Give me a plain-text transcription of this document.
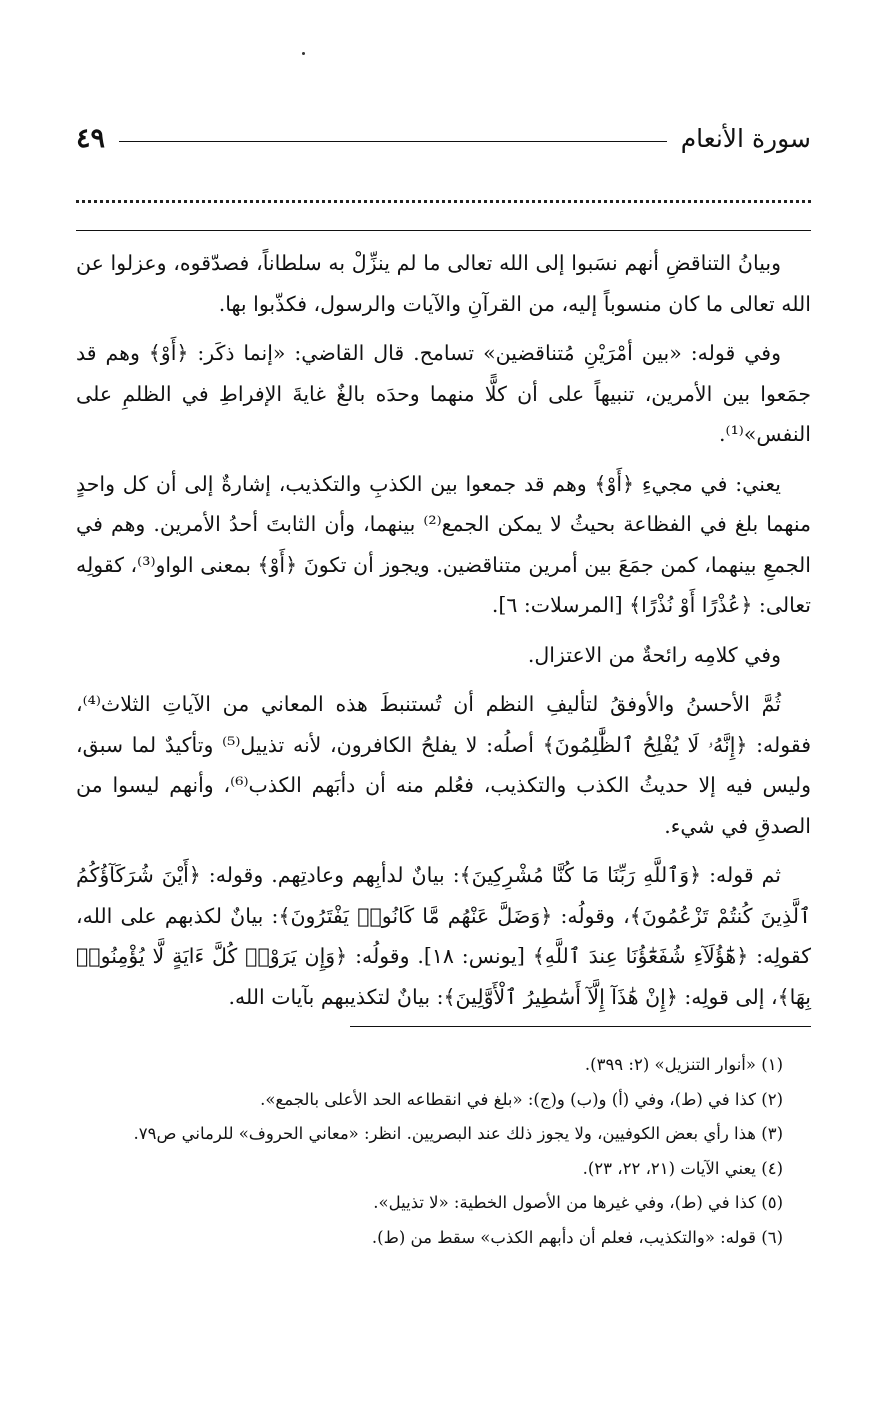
سورة الأنعام
٤٩

وبيانُ التناقضِ أنهم نسَبوا إلى الله تعالى ما لم ينزِّلْ به سلطاناً، فصدّقوه، وعزلوا عن الله تعالى ما كان منسوباً إليه، من القرآنِ والآيات والرسول، فكذّبوا بها.

وفي قوله: «بين أمْرَيْنِ مُتناقضين» تسامح. قال القاضي: «إنما ذكَر: ﴿أَوْ﴾ وهم قد جمَعوا بين الأمرين، تنبيهاً على أن كلًّا منهما وحدَه بالغٌ غايةَ الإفراطِ في الظلمِ على النفس»⁽¹⁾.

يعني: في مجيءِ ﴿أَوْ﴾ وهم قد جمعوا بين الكذبِ والتكذيب، إشارةٌ إلى أن كل واحدٍ منهما بلغ في الفظاعة بحيثُ لا يمكن الجمع⁽²⁾ بينهما، وأن الثابتَ أحدُ الأمرين. وهم في الجمعِ بينهما، كمن جمَعَ بين أمرين متناقضين. ويجوز أن تكونَ ﴿أَوْ﴾ بمعنى الواو⁽³⁾، كقولِه تعالى: ﴿عُذْرًا أَوْ نُذْرًا﴾ [المرسلات: ٦].

وفي كلامِه رائحةٌ من الاعتزال.

ثُمَّ الأحسنُ والأوفقُ لتأليفِ النظم أن تُستنبطَ هذه المعاني من الآياتِ الثلاث⁽⁴⁾، فقوله: ﴿إِنَّهُۥ لَا يُفْلِحُ ٱلظَّٰلِمُونَ﴾ أصلُه: لا يفلحُ الكافرون، لأنه تذييل⁽⁵⁾ وتأكيدٌ لما سبق، وليس فيه إلا حديثُ الكذب والتكذيب، فعُلم منه أن دأبَهم الكذب⁽⁶⁾، وأنهم ليسوا من الصدقِ في شيء.

ثم قوله: ﴿وَٱللَّهِ رَبِّنَا مَا كُنَّا مُشْرِكِينَ﴾: بيانٌ لدأبِهم وعادتِهم. وقوله: ﴿أَيْنَ شُرَكَآؤُكُمُ ٱلَّذِينَ كُنتُمْ تَزْعُمُونَ﴾، وقولُه: ﴿وَضَلَّ عَنْهُم مَّا كَانُوا۟ يَفْتَرُونَ﴾: بيانٌ لكذبهم على الله، كقولِه: ﴿هَٰٓؤُلَآءِ شُفَعَٰٓؤُنَا عِندَ ٱللَّهِ﴾ [يونس: ١٨]. وقولُه: ﴿وَإِن يَرَوْا۟ كُلَّ ءَايَةٍ لَّا يُؤْمِنُوا۟ بِهَا﴾، إلى قولِه: ﴿إِنْ هَٰذَآ إِلَّآ أَسَٰطِيرُ ٱلْأَوَّلِينَ﴾: بيانٌ لتكذيبهم بآيات الله.

(١) «أنوار التنزيل» (٢: ٣٩٩).

(٢) كذا في (ط)، وفي (أ) و(ب) و(ج): «بلغ في انقطاعه الحد الأعلى بالجمع».

(٣) هذا رأي بعض الكوفيين، ولا يجوز ذلك عند البصريين. انظر: «معاني الحروف» للرماني ص٧٩.

(٤) يعني الآيات (٢١، ٢٢، ٢٣).

(٥) كذا في (ط)، وفي غيرها من الأصول الخطية: «لا تذييل».

(٦) قوله: «والتكذيب، فعلم أن دأبهم الكذب» سقط من (ط).
